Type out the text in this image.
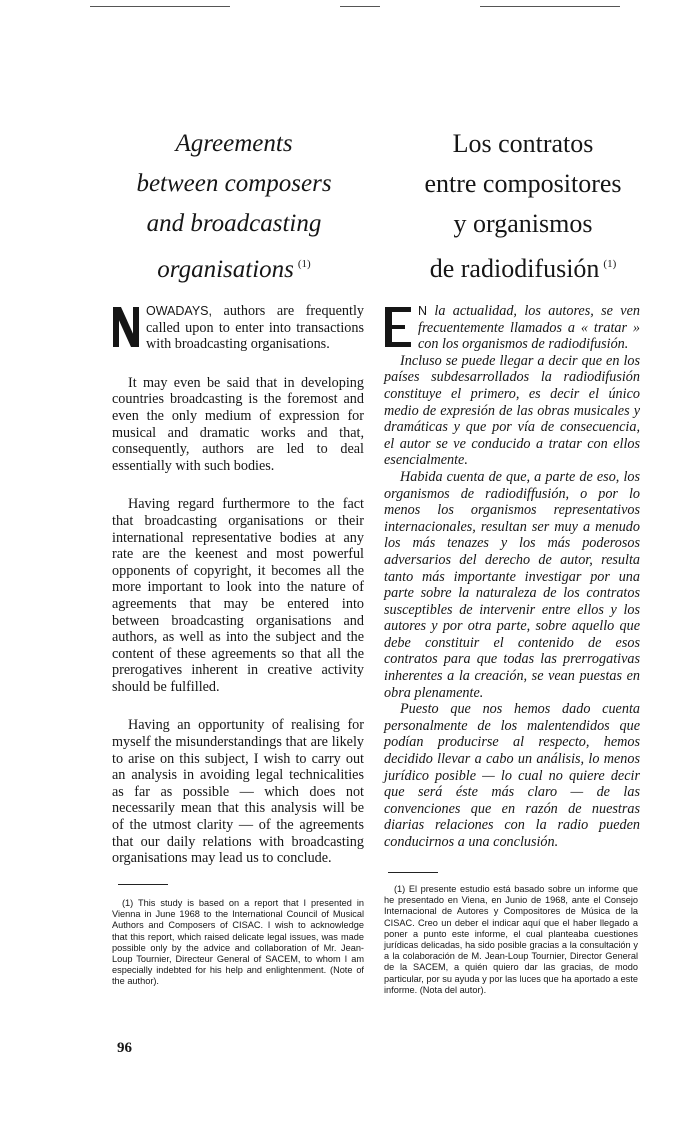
Agreements
between composers
and broadcasting
organisations $^{(1)}$
Los contratos
entre compositores
y organismos
de radiodifusión $^{(1)}$

OWADAYS, authors are frequently called upon to enter into transactions with broadcasting organisations.

It may even be said that in developing countries broadcasting is the foremost and even the only medium of expression for musical and dramatic works and that, consequently, authors are led to deal essentially with such bodies.

Having regard furthermore to the fact that broadcasting organisations or their international representative bodies at any rate are the keenest and most powerful opponents of copyright, it becomes all the more important to look into the nature of agreements that may be entered into between broadcasting organisations and authors, as well as into the subject and the content of these agreements so that all the prerogatives inherent in creative activity should be fulfilled.

Having an opportunity of realising for myself the misunderstandings that are likely to arise on this subject, I wish to carry out an analysis in avoiding legal technicalities as far as possible — which does not necessarily mean that this analysis will be of the utmost clarity — of the agreements that our daily relations with broadcasting organisations may lead us to conclude.

N la actualidad, los autores, se ven frecuentemente llamados a « tratar » con los organismos de radiodifusión.

Incluso se puede llegar a decir que en los países subdesarrollados la radiodifusión constituye el primero, es decir el único medio de expresión de las obras musicales y dramáticas y que por vía de consecuencia, el autor se ve conducido a tratar con ellos esencialmente.

Habida cuenta de que, a parte de eso, los organismos de radiodiffusión, o por lo menos los organismos representativos internacionales, resultan ser muy a menudo los más tenazes y los más poderosos adversarios del derecho de autor, resulta tanto más importante investigar por una parte sobre la naturaleza de los contratos susceptibles de intervenir entre ellos y los autores y por otra parte, sobre aquello que debe constituir el contenido de esos contratos para que todas las prerrogativas inherentes a la creación, se vean puestas en obra plenamente.

Puesto que nos hemos dado cuenta personalmente de los malentendidos que podían producirse al respecto, hemos decidido llevar a cabo un análisis, lo menos jurídico posible — lo cual no quiere decir que será éste más claro — de las convenciones que en razón de nuestras diarias relaciones con la radio pueden conducirnos a una conclusión.

(1) This study is based on a report that I presented in Vienna in June 1968 to the International Council of Musical Authors and Composers of CISAC. I wish to acknowledge that this report, which raised delicate legal issues, was made possible only by the advice and collaboration of Mr. Jean-Loup Tournier, Directeur General of SACEM, to whom I am especially indebted for his help and enlightenment. (Note of the author).

(1) El presente estudio está basado sobre un informe que he presentado en Viena, en Junio de 1968, ante el Consejo Internacional de Autores y Compositores de Música de la CISAC. Creo un deber el indicar aquí que el haber llegado a poner a punto este informe, el cual planteaba cuestiones jurídicas delicadas, ha sido posible gracias a la consultación y a la colaboración de M. Jean-Loup Tournier, Director General de la SACEM, a quién quiero dar las gracias, de modo particular, por su ayuda y por las luces que ha aportado a este informe. (Nota del autor).

96
